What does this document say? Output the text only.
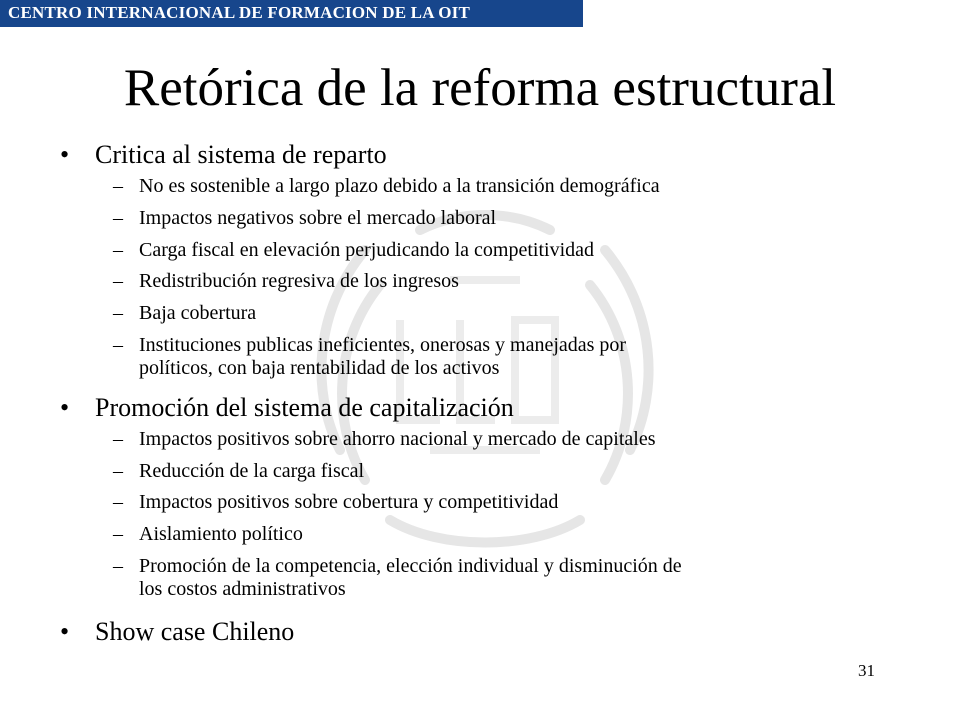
CENTRO INTERNACIONAL DE FORMACION DE LA OIT
Retórica de la reforma estructural
• Critica al sistema de reparto
– No es sostenible a largo plazo debido a la transición demográfica
– Impactos negativos sobre el mercado laboral
– Carga fiscal en elevación perjudicando la competitividad
– Redistribución regresiva de los ingresos
– Baja cobertura
– Instituciones publicas ineficientes, onerosas y manejadas por
políticos, con baja rentabilidad de los activos
• Promoción del sistema de capitalización
– Impactos positivos sobre ahorro nacional y mercado de capitales
– Reducción de la carga fiscal
– Impactos positivos sobre cobertura y competitividad
– Aislamiento político
– Promoción de la competencia, elección individual y disminución de
los costos administrativos
• Show case Chileno
31
